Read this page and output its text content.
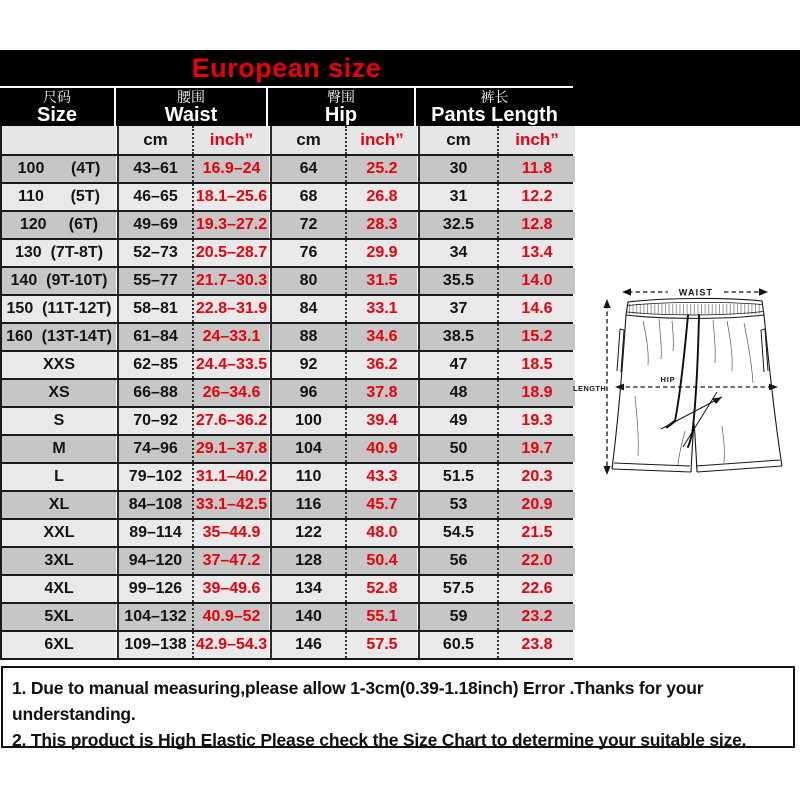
European size
尺码
Size
腰围
Waist
臀围
Hip
裤长
Pants Length
cm	inch”	cm	inch”	cm	inch”
100      (4T)	43–61	16.9–24	64	25.2	30	11.8
110      (5T)	46–65	18.1–25.6	68	26.8	31	12.2
120     (6T)	49–69	19.3–27.2	72	28.3	32.5	12.8
130  (7T-8T)	52–73	20.5–28.7	76	29.9	34	13.4
140  (9T-10T)	55–77	21.7–30.3	80	31.5	35.5	14.0
150  (11T-12T)	58–81	22.8–31.9	84	33.1	37	14.6
160  (13T-14T)	61–84	24–33.1	88	34.6	38.5	15.2
XXS	62–85	24.4–33.5	92	36.2	47	18.5
XS	66–88	26–34.6	96	37.8	48	18.9
S	70–92	27.6–36.2	100	39.4	49	19.3
M	74–96	29.1–37.8	104	40.9	50	19.7
L	79–102 31.1–40.2	110	43.3	51.5	20.3
XL	84–108 33.1–42.5	116	45.7	53	20.9
XXL	89–114	35–44.9	122	48.0	54.5	21.5
3XL	94–120	37–47.2	128	50.4	56	22.0
4XL	99–126	39–49.6	134	52.8	57.5	22.6
5XL	104–132 40.9–52	140	55.1	59	23.2
6XL	109–138 42.9–54.3	146	57.5	60.5	23.8
WAIST
HIP
LENGTH
1. Due to manual measuring,please allow 1-3cm(0.39-1.18inch) Error .Thanks for your understanding.
2. This product is High Elastic Please check the Size Chart to determine your suitable size.
